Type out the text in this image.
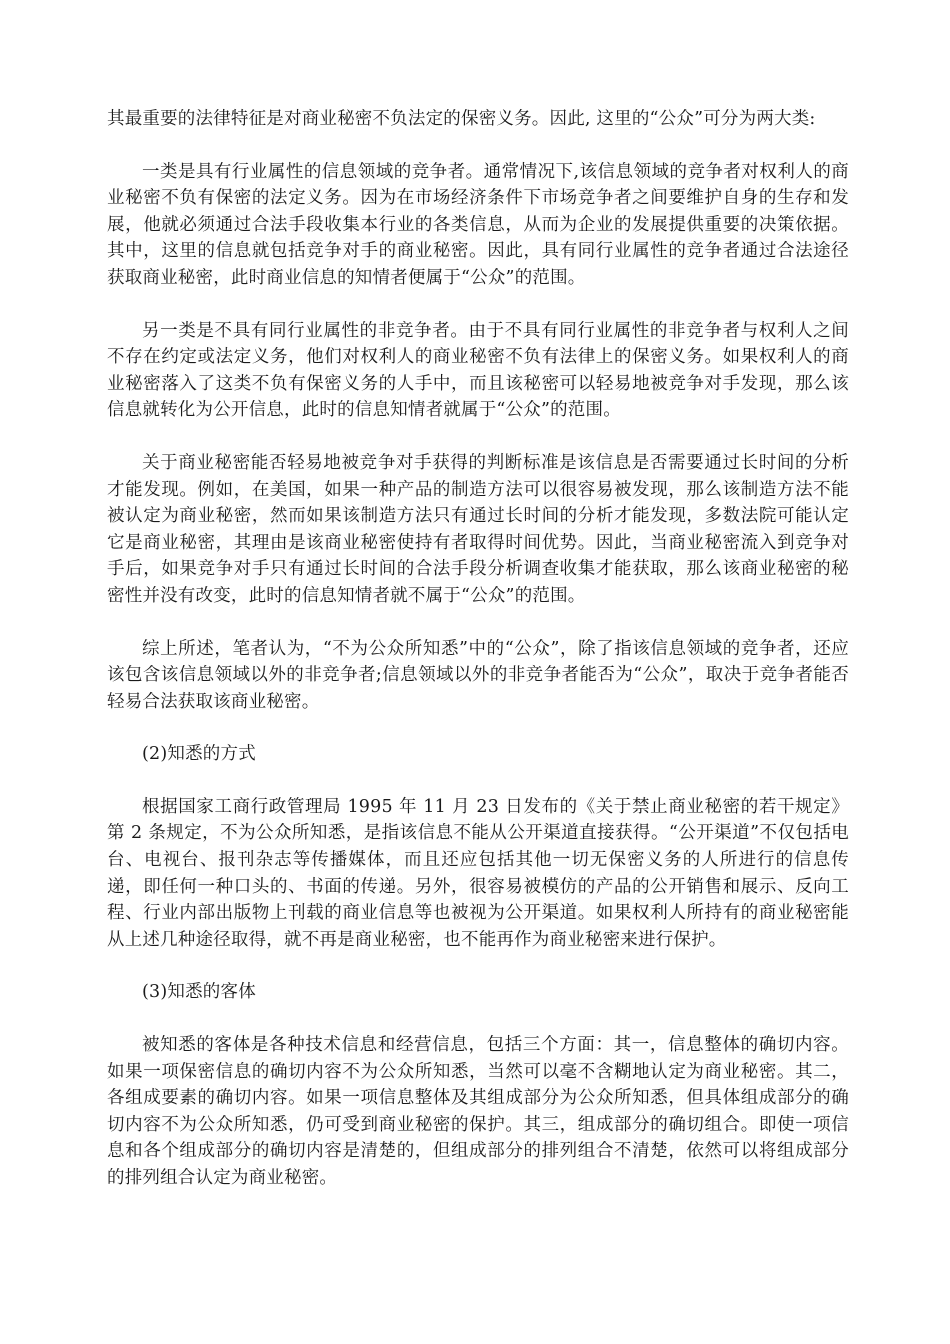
其最重要的法律特征是对商业秘密不负法定的保密义务。因此, 这里的“公众”可分为两大类:

一类是具有行业属性的信息领域的竞争者。通常情况下,该信息领域的竞争者对权利人的商业秘密不负有保密的法定义务。因为在市场经济条件下市场竞争者之间要维护自身的生存和发展，他就必须通过合法手段收集本行业的各类信息，从而为企业的发展提供重要的决策依据。其中，这里的信息就包括竞争对手的商业秘密。因此，具有同行业属性的竞争者通过合法途径获取商业秘密，此时商业信息的知情者便属于“公众”的范围。

另一类是不具有同行业属性的非竞争者。由于不具有同行业属性的非竞争者与权利人之间不存在约定或法定义务，他们对权利人的商业秘密不负有法律上的保密义务。如果权利人的商业秘密落入了这类不负有保密义务的人手中，而且该秘密可以轻易地被竞争对手发现，那么该信息就转化为公开信息，此时的信息知情者就属于“公众”的范围。

关于商业秘密能否轻易地被竞争对手获得的判断标准是该信息是否需要通过长时间的分析才能发现。例如，在美国，如果一种产品的制造方法可以很容易被发现，那么该制造方法不能被认定为商业秘密，然而如果该制造方法只有通过长时间的分析才能发现，多数法院可能认定它是商业秘密，其理由是该商业秘密使持有者取得时间优势。因此，当商业秘密流入到竞争对手后，如果竞争对手只有通过长时间的合法手段分析调查收集才能获取，那么该商业秘密的秘密性并没有改变，此时的信息知情者就不属于“公众”的范围。

综上所述，笔者认为，“不为公众所知悉”中的“公众”，除了指该信息领域的竞争者，还应该包含该信息领域以外的非竞争者;信息领域以外的非竞争者能否为“公众”，取决于竞争者能否轻易合法获取该商业秘密。

(2)知悉的方式

根据国家工商行政管理局 1995 年 11 月 23 日发布的《关于禁止商业秘密的若干规定》第 2 条规定，不为公众所知悉，是指该信息不能从公开渠道直接获得。“公开渠道”不仅包括电台、电视台、报刊杂志等传播媒体，而且还应包括其他一切无保密义务的人所进行的信息传递，即任何一种口头的、书面的传递。另外，很容易被模仿的产品的公开销售和展示、反向工程、行业内部出版物上刊载的商业信息等也被视为公开渠道。如果权利人所持有的商业秘密能从上述几种途径取得，就不再是商业秘密，也不能再作为商业秘密来进行保护。

(3)知悉的客体

被知悉的客体是各种技术信息和经营信息，包括三个方面：其一，信息整体的确切内容。如果一项保密信息的确切内容不为公众所知悉，当然可以毫不含糊地认定为商业秘密。其二，各组成要素的确切内容。如果一项信息整体及其组成部分为公众所知悉，但具体组成部分的确切内容不为公众所知悉，仍可受到商业秘密的保护。其三，组成部分的确切组合。即使一项信息和各个组成部分的确切内容是清楚的，但组成部分的排列组合不清楚，依然可以将组成部分的排列组合认定为商业秘密。
